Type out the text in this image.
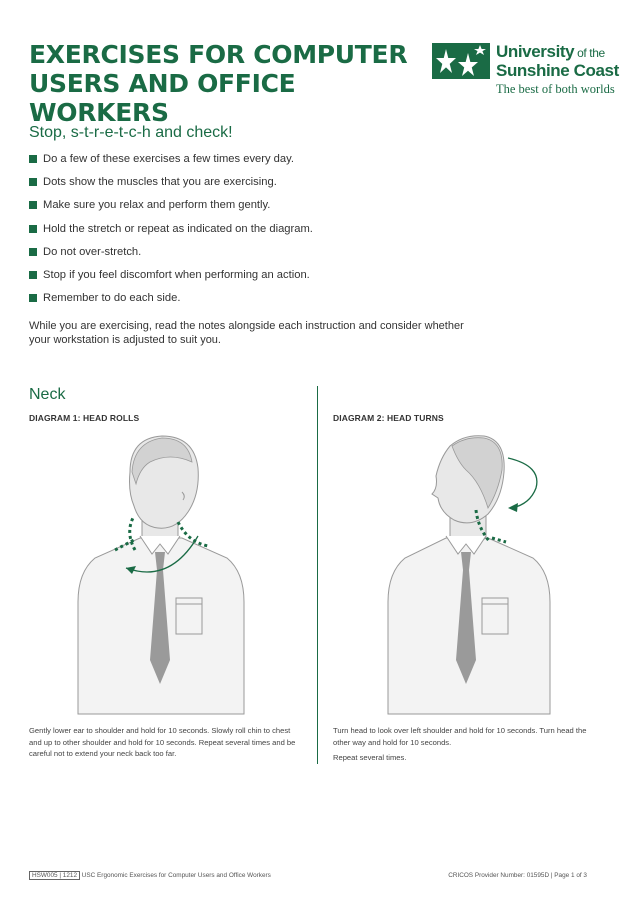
EXERCISES FOR COMPUTER
USERS AND OFFICE WORKERS
University of the
Sunshine Coast
The best of both worlds
Stop, s-t-r-e-t-c-h and check!
Do a few of these exercises a few times every day.
Dots show the muscles that you are exercising.
Make sure you relax and perform them gently.
Hold the stretch or repeat as indicated on the diagram.
Do not over-stretch.
Stop if you feel discomfort when performing an action.
Remember to do each side.
While you are exercising, read the notes alongside each instruction and consider whether
your workstation is adjusted to suit you.
Neck
DIAGRAM 1: HEAD ROLLS
Gently lower ear to shoulder and hold for 10 seconds. Slowly roll chin to chest
and up to other shoulder and hold for 10 seconds. Repeat several times and be
careful not to extend your neck back too far.
DIAGRAM 2: HEAD TURNS
Turn head to look over left shoulder and hold for 10 seconds. Turn head the
other way and hold for 10 seconds.
Repeat several times.
HSW005 | 1212 USC Ergonomic Exercises for Computer Users and Office Workers	CRICOS Provider Number: 01595D | Page 1 of 3
